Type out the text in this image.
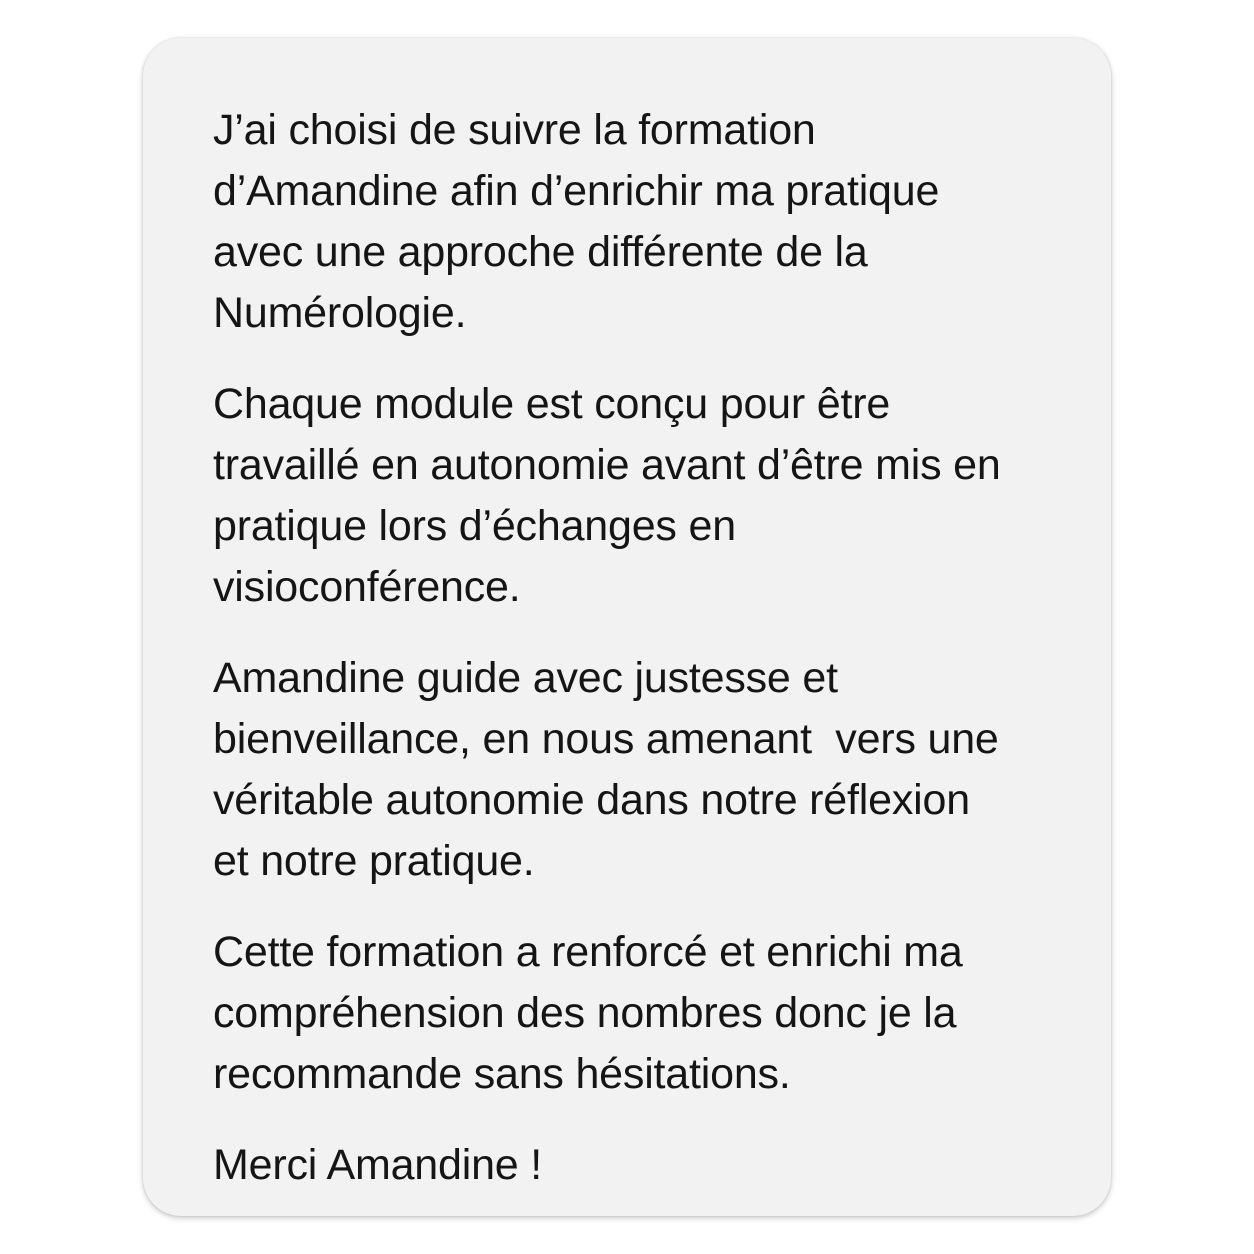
J’ai choisi de suivre la formation
d’Amandine afin d’enrichir ma pratique
avec une approche différente de la
Numérologie.

Chaque module est conçu pour être
travaillé en autonomie avant d’être mis en
pratique lors d’échanges en
visioconférence.

Amandine guide avec justesse et
bienveillance, en nous amenant  vers une
véritable autonomie dans notre réflexion
et notre pratique.

Cette formation a renforcé et enrichi ma
compréhension des nombres donc je la
recommande sans hésitations.

Merci Amandine !
